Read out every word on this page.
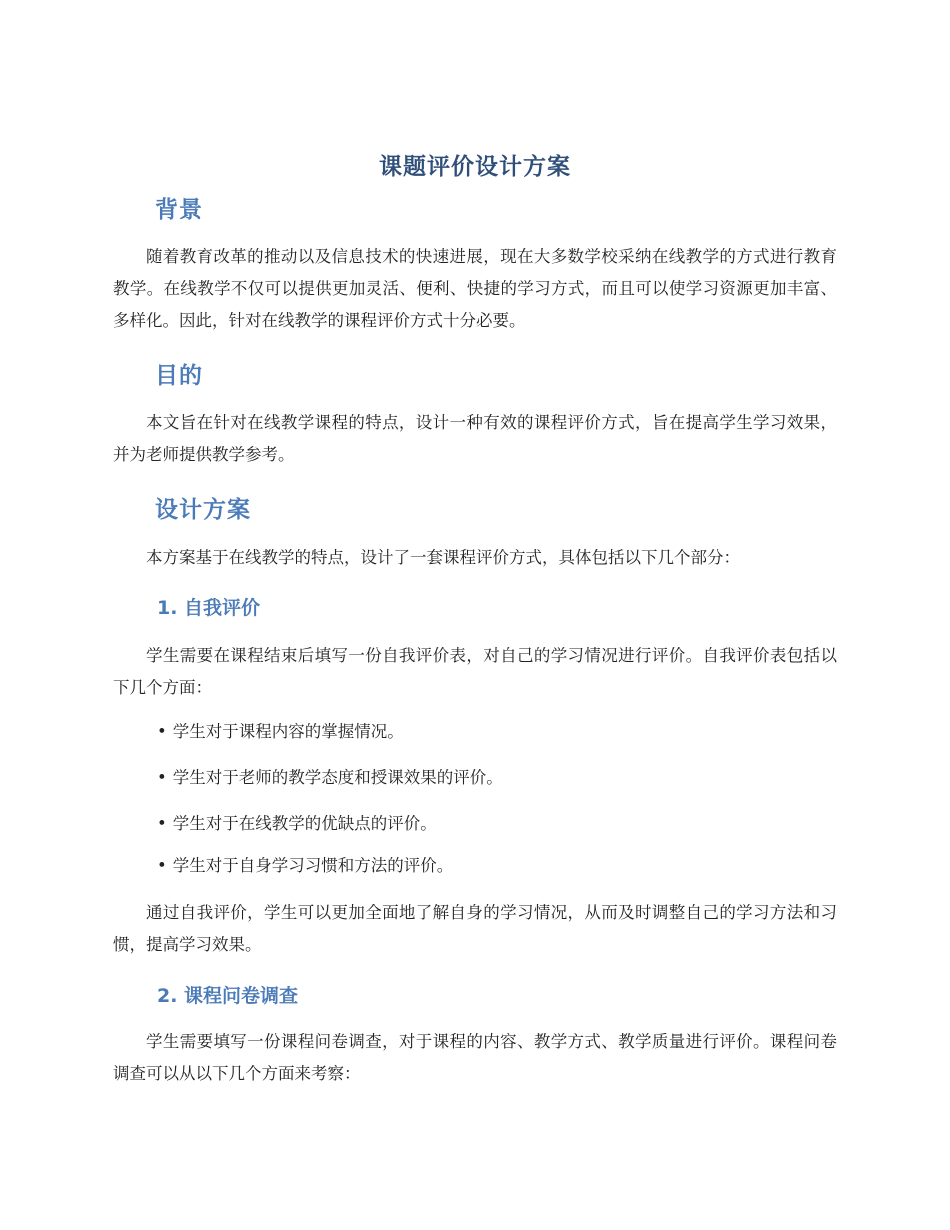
课题评价设计方案
背景
随着教育改革的推动以及信息技术的快速进展，现在大多数学校采纳在线教学的方式进行教育教学。在线教学不仅可以提供更加灵活、便利、快捷的学习方式，而且可以使学习资源更加丰富、多样化。因此，针对在线教学的课程评价方式十分必要。
目的
本文旨在针对在线教学课程的特点，设计一种有效的课程评价方式，旨在提高学生学习效果，并为老师提供教学参考。
设计方案
本方案基于在线教学的特点，设计了一套课程评价方式，具体包括以下几个部分：
1. 自我评价
学生需要在课程结束后填写一份自我评价表，对自己的学习情况进行评价。自我评价表包括以下几个方面：
• 学生对于课程内容的掌握情况。
• 学生对于老师的教学态度和授课效果的评价。
• 学生对于在线教学的优缺点的评价。
• 学生对于自身学习习惯和方法的评价。
通过自我评价，学生可以更加全面地了解自身的学习情况，从而及时调整自己的学习方法和习惯，提高学习效果。
2. 课程问卷调查
学生需要填写一份课程问卷调查，对于课程的内容、教学方式、教学质量进行评价。课程问卷调查可以从以下几个方面来考察：
